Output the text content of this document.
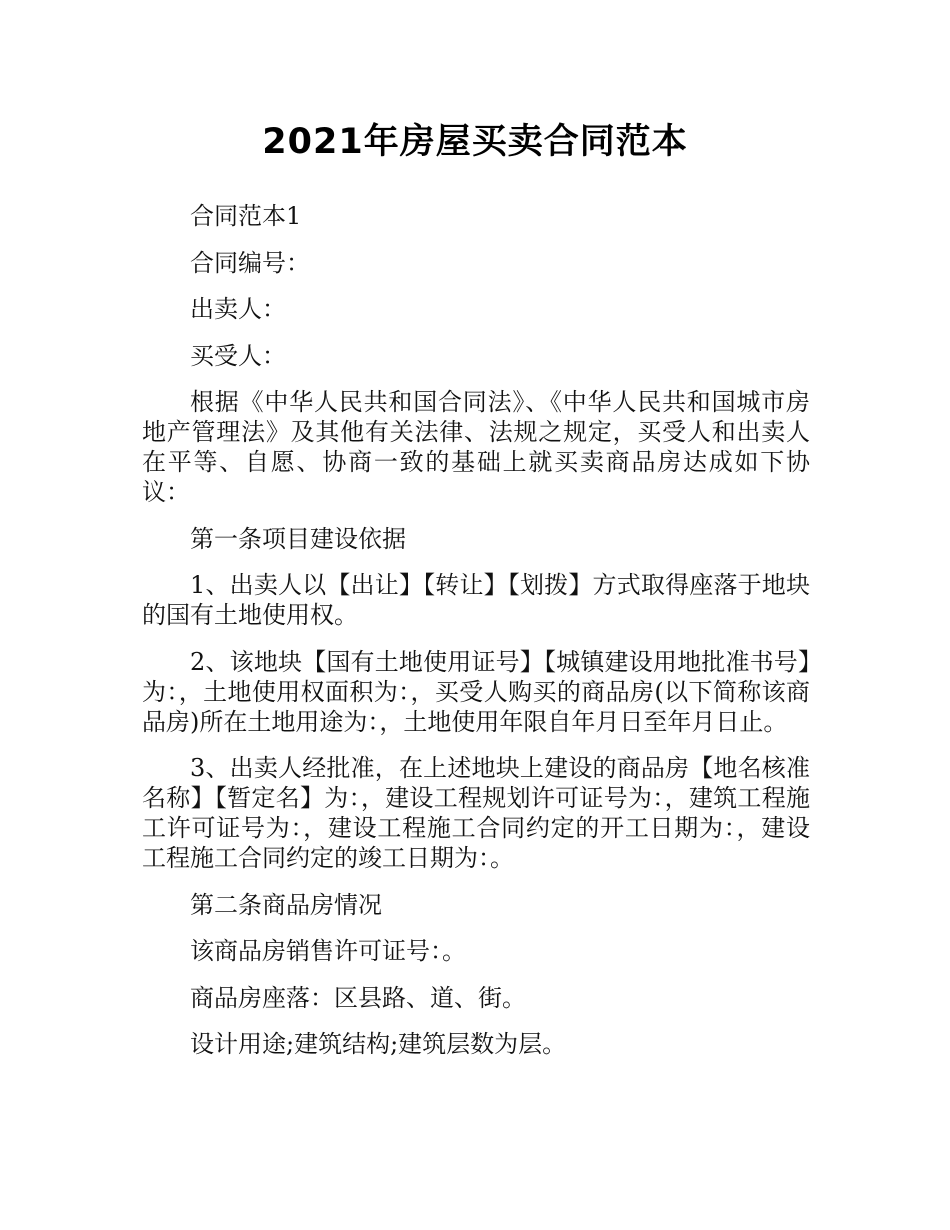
2021年房屋买卖合同范本

合同范本1

合同编号：

出卖人：

买受人：

根据《中华人民共和国合同法》、《中华人民共和国城市房地产管理法》及其他有关法律、法规之规定，买受人和出卖人在平等、自愿、协商一致的基础上就买卖商品房达成如下协议：

第一条项目建设依据

1、出卖人以【出让】【转让】【划拨】方式取得座落于地块的国有土地使用权。

2、该地块【国有土地使用证号】【城镇建设用地批准书号】为：，土地使用权面积为：，买受人购买的商品房(以下简称该商品房)所在土地用途为：，土地使用年限自年月日至年月日止。

3、出卖人经批准，在上述地块上建设的商品房【地名核准名称】【暂定名】为：，建设工程规划许可证号为：，建筑工程施工许可证号为：，建设工程施工合同约定的开工日期为：，建设工程施工合同约定的竣工日期为：。

第二条商品房情况

该商品房销售许可证号：。

商品房座落：区县路、道、街。

设计用途;建筑结构;建筑层数为层。
